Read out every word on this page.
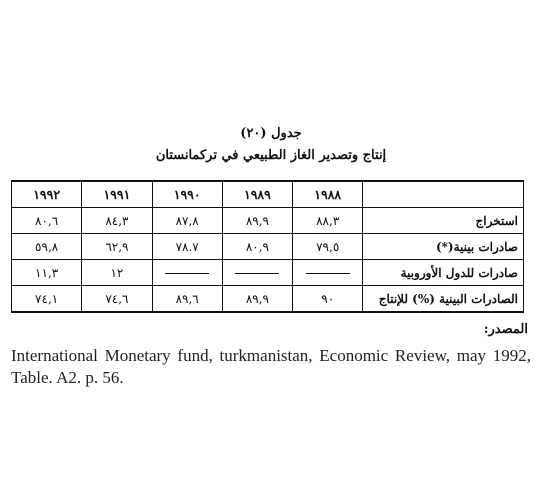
جدول (٢٠)
إنتاج وتصدير الغاز الطبيعي في تركمانستان
١٩٩٢	١٩٩١	١٩٩٠	١٩٨٩	١٩٨٨	
٨٠,٦	٨٤,٣	٨٧,٨	٨٩,٩	٨٨,٣	استخراج
٥٩,٨	٦٢,٩	٧٨.٧	٨٠,٩	٧٩,٥	صادرات بينية(*)
١١,٣	١٢				صادرات للدول الأوروبية
٧٤,١	٧٤,٦	٨٩,٦	٨٩,٩	٩٠	الصادرات البينية (%) للإنتاج
المصدر:
International Monetary fund, turkmanistan, Economic Review, may 1992, Table. A2. p. 56.
